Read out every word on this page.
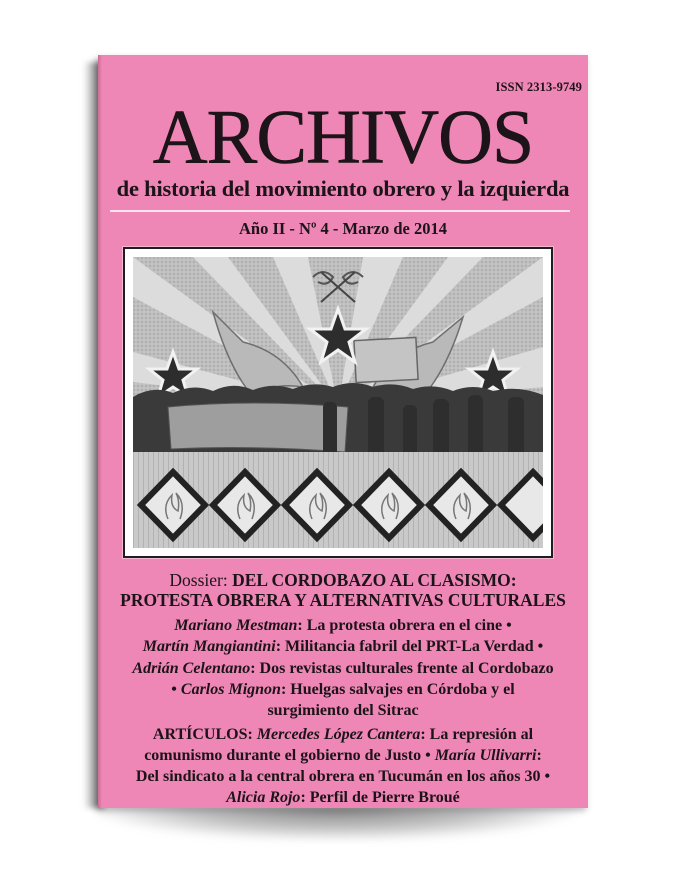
ISSN 2313-9749
ARCHIVOS
de historia del movimiento obrero y la izquierda
Año II - Nº 4 - Marzo de 2014
Dossier: DEL CORDOBAZO AL CLASISMO:
PROTESTA OBRERA Y ALTERNATIVAS CULTURALES
Mariano Mestman: La protesta obrera en el cine •
Martín Mangiantini: Militancia fabril del PRT-La Verdad •
Adrián Celentano: Dos revistas culturales frente al Cordobazo
• Carlos Mignon: Huelgas salvajes en Córdoba y el
surgimiento del Sitrac
ARTÍCULOS: Mercedes López Cantera: La represión al
comunismo durante el gobierno de Justo • María Ullivarri:
Del sindicato a la central obrera en Tucumán en los años 30 •
Alicia Rojo: Perfil de Pierre Broué
